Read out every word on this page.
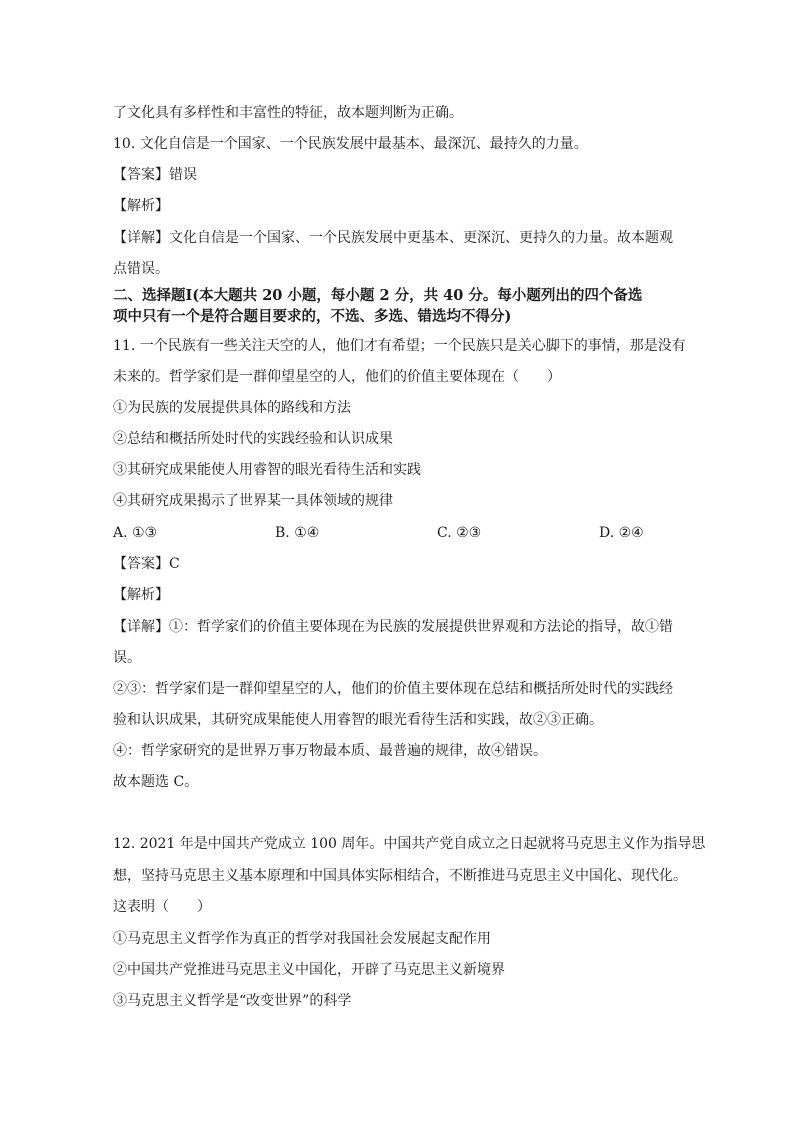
了文化具有多样性和丰富性的特征，故本题判断为正确。
10. 文化自信是一个国家、一个民族发展中最基本、最深沉、最持久的力量。
【答案】错误
【解析】
【详解】文化自信是一个国家、一个民族发展中更基本、更深沉、更持久的力量。故本题观
点错误。
二、选择题Ⅰ(本大题共 20 小题，每小题 2 分，共 40 分。每小题列出的四个备选
项中只有一个是符合题目要求的，不选、多选、错选均不得分)
11. 一个民族有一些关注天空的人，他们才有希望；一个民族只是关心脚下的事情，那是没有
未来的。哲学家们是一群仰望星空的人，他们的价值主要体现在（　　）
①为民族的发展提供具体的路线和方法
②总结和概括所处时代的实践经验和认识成果
③其研究成果能使人用睿智的眼光看待生活和实践
④其研究成果揭示了世界某一具体领域的规律
A. ①③	B. ①④	C. ②③	D. ②④
【答案】C
【解析】
【详解】①：哲学家们的价值主要体现在为民族的发展提供世界观和方法论的指导，故①错
误。
②③：哲学家们是一群仰望星空的人，他们的价值主要体现在总结和概括所处时代的实践经
验和认识成果，其研究成果能使人用睿智的眼光看待生活和实践，故②③正确。
④：哲学家研究的是世界万事万物最本质、最普遍的规律，故④错误。
故本题选 C。
12. 2021 年是中国共产党成立 100 周年。中国共产党自成立之日起就将马克思主义作为指导思
想，坚持马克思主义基本原理和中国具体实际相结合，不断推进马克思主义中国化、现代化。
这表明（　　）
①马克思主义哲学作为真正的哲学对我国社会发展起支配作用
②中国共产党推进马克思主义中国化，开辟了马克思主义新境界
③马克思主义哲学是“改变世界”的科学
